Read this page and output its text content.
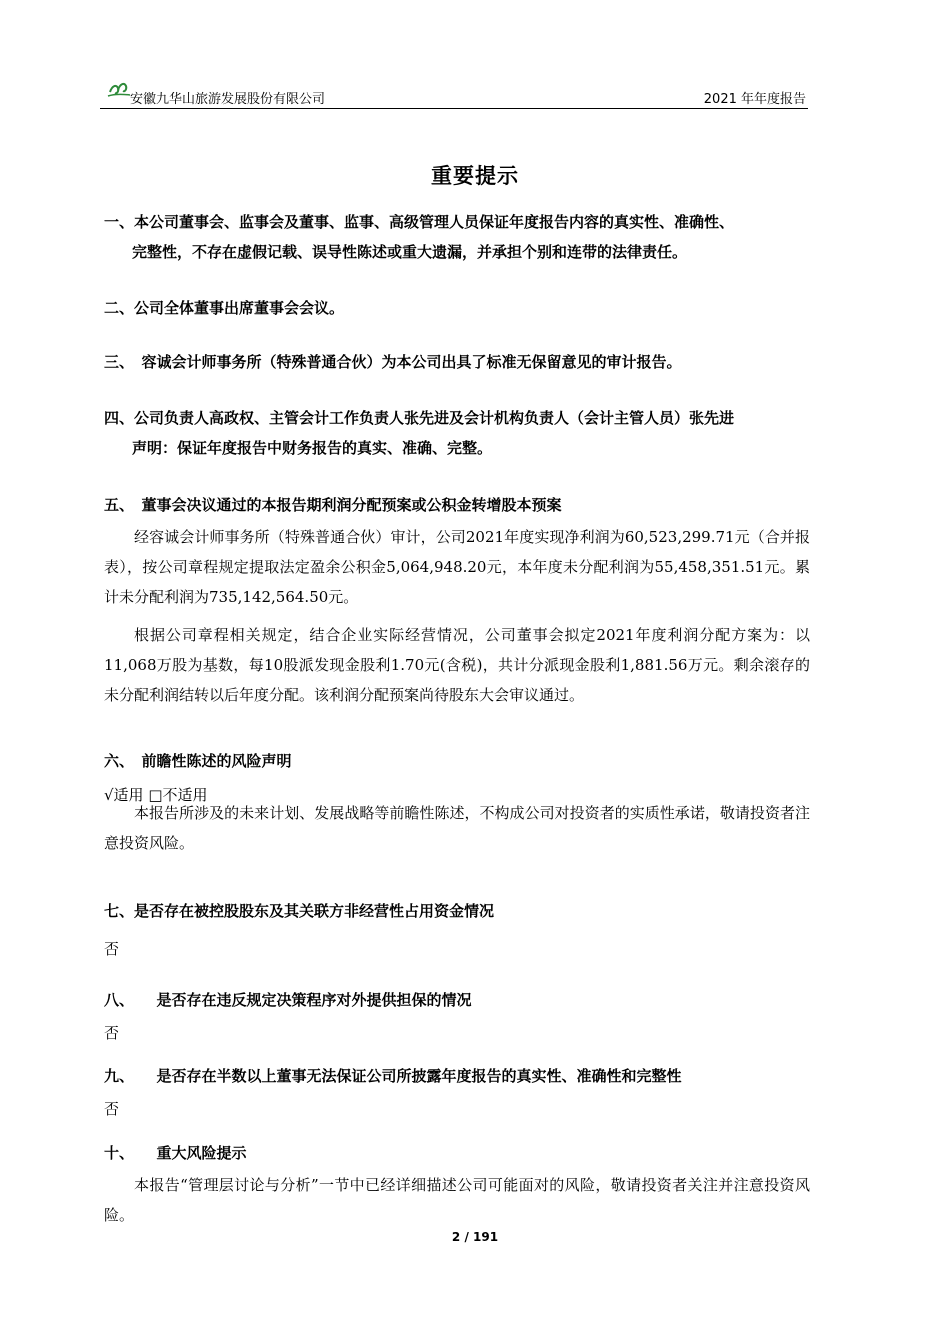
安徽九华山旅游发展股份有限公司	2021 年年度报告
重要提示
一、本公司董事会、监事会及董事、监事、高级管理人员保证年度报告内容的真实性、准确性、
完整性，不存在虚假记载、误导性陈述或重大遗漏，并承担个别和连带的法律责任。
二、公司全体董事出席董事会会议。
三、　容诚会计师事务所（特殊普通合伙）为本公司出具了标准无保留意见的审计报告。
四、公司负责人高政权、主管会计工作负责人张先进及会计机构负责人（会计主管人员）张先进
声明：保证年度报告中财务报告的真实、准确、完整。
五、　董事会决议通过的本报告期利润分配预案或公积金转增股本预案
经容诚会计师事务所（特殊普通合伙）审计，公司2021年度实现净利润为60,523,299.71元（合并报表），按公司章程规定提取法定盈余公积金5,064,948.20元，本年度未分配利润为55,458,351.51元。累计未分配利润为735,142,564.50元。
根据公司章程相关规定，结合企业实际经营情况，公司董事会拟定2021年度利润分配方案为：以11,068万股为基数，每10股派发现金股利1.70元(含税)，共计分派现金股利1,881.56万元。剩余滚存的未分配利润结转以后年度分配。该利润分配预案尚待股东大会审议通过。
六、　前瞻性陈述的风险声明
√适用 □不适用
本报告所涉及的未来计划、发展战略等前瞻性陈述，不构成公司对投资者的实质性承诺，敬请投资者注意投资风险。
七、是否存在被控股股东及其关联方非经营性占用资金情况
否
八、　　是否存在违反规定决策程序对外提供担保的情况
否
九、　　是否存在半数以上董事无法保证公司所披露年度报告的真实性、准确性和完整性
否
十、　　重大风险提示
本报告“管理层讨论与分析”一节中已经详细描述公司可能面对的风险，敬请投资者关注并注意投资风险。
2 / 191
